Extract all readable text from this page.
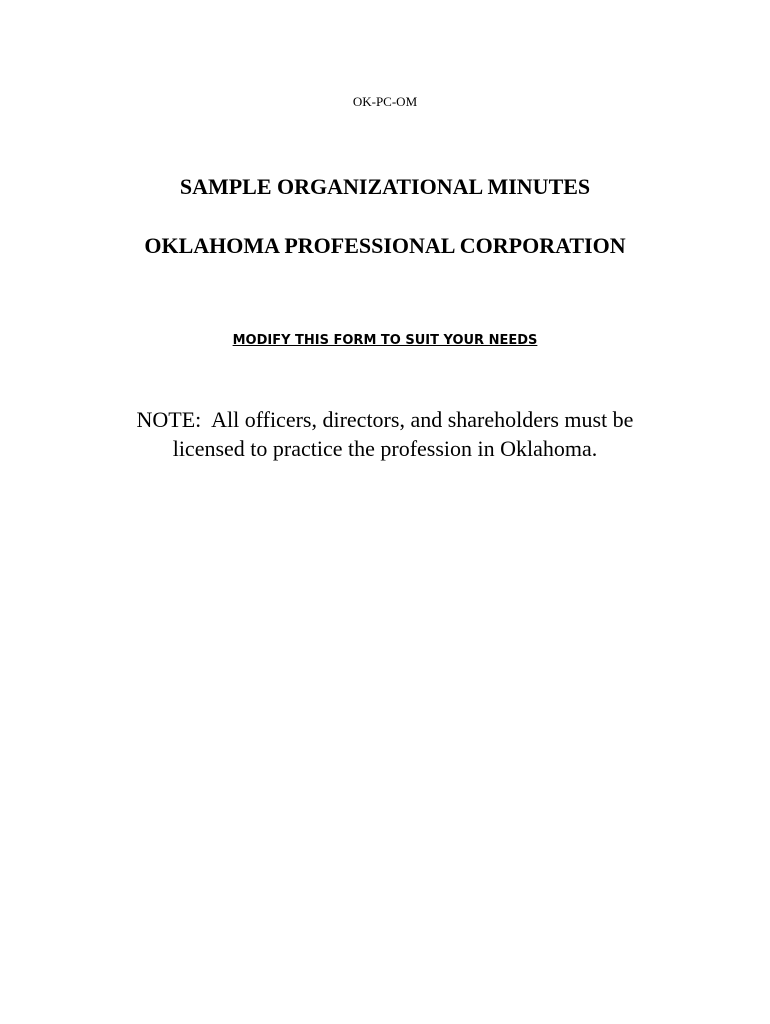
OK-PC-OM
SAMPLE ORGANIZATIONAL MINUTES
OKLAHOMA PROFESSIONAL CORPORATION
MODIFY THIS FORM TO SUIT YOUR NEEDS
NOTE:  All officers, directors, and shareholders must be
licensed to practice the profession in Oklahoma.
